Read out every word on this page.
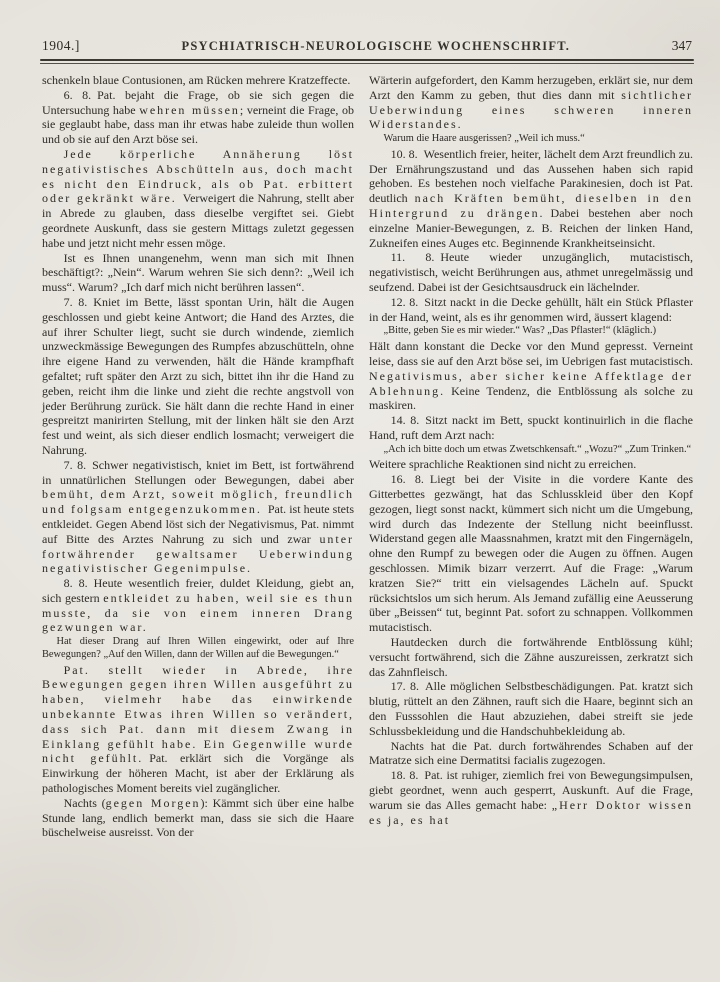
1904.]	PSYCHIATRISCH-NEUROLOGISCHE WOCHENSCHRIFT.	347

schenkeln blaue Contusionen, am Rücken mehrere Kratzeffecte.

6. 8. Pat. bejaht die Frage, ob sie sich gegen die Untersuchung habe wehren müssen; verneint die Frage, ob sie geglaubt habe, dass man ihr etwas habe zuleide thun wollen und ob sie auf den Arzt böse sei.

Jede körperliche Annäherung löst negativistisches Abschütteln aus, doch macht es nicht den Eindruck, als ob Pat. erbittert oder gekränkt wäre. Verweigert die Nahrung, stellt aber in Abrede zu glauben, dass dieselbe vergiftet sei. Giebt geordnete Auskunft, dass sie gestern Mittags zuletzt gegessen habe und jetzt nicht mehr essen möge.

Ist es Ihnen unangenehm, wenn man sich mit Ihnen beschäftigt?: „Nein“. Warum wehren Sie sich denn?: „Weil ich muss“. Warum? „Ich darf mich nicht berühren lassen“.

7. 8. Kniet im Bette, lässt spontan Urin, hält die Augen geschlossen und giebt keine Antwort; die Hand des Arztes, die auf ihrer Schulter liegt, sucht sie durch windende, ziemlich unzweckmässige Bewegungen des Rumpfes abzuschütteln, ohne ihre eigene Hand zu verwenden, hält die Hände krampfhaft gefaltet; ruft später den Arzt zu sich, bittet ihn ihr die Hand zu geben, reicht ihm die linke und zieht die rechte angstvoll von jeder Berührung zurück. Sie hält dann die rechte Hand in einer gespreitzt manirirten Stellung, mit der linken hält sie den Arzt fest und weint, als sich dieser endlich losmacht; verweigert die Nahrung.

7. 8. Schwer negativistisch, kniet im Bett, ist fortwährend in unnatürlichen Stellungen oder Bewegungen, dabei aber bemüht, dem Arzt, soweit möglich, freundlich und folgsam entgegenzukommen. Pat. ist heute stets entkleidet. Gegen Abend löst sich der Negativismus, Pat. nimmt auf Bitte des Arztes Nahrung zu sich und zwar unter fortwährender gewaltsamer Ueberwindung negativistischer Gegenimpulse.

8. 8. Heute wesentlich freier, duldet Kleidung, giebt an, sich gestern entkleidet zu haben, weil sie es thun musste, da sie von einem inneren Drang gezwungen war.

Hat dieser Drang auf Ihren Willen eingewirkt, oder auf Ihre Bewegungen? „Auf den Willen, dann der Willen auf die Bewegungen.“

Pat. stellt wieder in Abrede, ihre Bewegungen gegen ihren Willen ausgeführt zu haben, vielmehr habe das einwirkende unbekannte Etwas ihren Willen so verändert, dass sich Pat. dann mit diesem Zwang in Einklang gefühlt habe. Ein Gegenwille wurde nicht gefühlt. Pat. erklärt sich die Vorgänge als Einwirkung der höheren Macht, ist aber der Erklärung als pathologisches Moment bereits viel zugänglicher.

Nachts (gegen Morgen): Kämmt sich über eine halbe Stunde lang, endlich bemerkt man, dass sie sich die Haare büschelweise ausreisst. Von der

Wärterin aufgefordert, den Kamm herzugeben, erklärt sie, nur dem Arzt den Kamm zu geben, thut dies dann mit sichtlicher Ueberwindung eines schweren inneren Widerstandes.

Warum die Haare ausgerissen? „Weil ich muss.“

10. 8. Wesentlich freier, heiter, lächelt dem Arzt freundlich zu. Der Ernährungszustand und das Aussehen haben sich rapid gehoben. Es bestehen noch vielfache Parakinesien, doch ist Pat. deutlich nach Kräften bemüht, dieselben in den Hintergrund zu drängen. Dabei bestehen aber noch einzelne Manier-Bewegungen, z. B. Reichen der linken Hand, Zukneifen eines Auges etc. Beginnende Krankheitseinsicht.

11. 8. Heute wieder unzugänglich, mutacistisch, negativistisch, weicht Berührungen aus, athmet unregelmässig und seufzend. Dabei ist der Gesichtsausdruck ein lächelnder.

12. 8. Sitzt nackt in die Decke gehüllt, hält ein Stück Pflaster in der Hand, weint, als es ihr genommen wird, äussert klagend:

„Bitte, geben Sie es mir wieder.“ Was? „Das Pflaster!“ (kläglich.)

Hält dann konstant die Decke vor den Mund gepresst. Verneint leise, dass sie auf den Arzt böse sei, im Uebrigen fast mutacistisch. Negativismus, aber sicher keine Affektlage der Ablehnung. Keine Tendenz, die Entblössung als solche zu maskiren.

14. 8. Sitzt nackt im Bett, spuckt kontinuirlich in die flache Hand, ruft dem Arzt nach:

„Ach ich bitte doch um etwas Zwetschkensaft.“ „Wozu?“ „Zum Trinken.“

Weitere sprachliche Reaktionen sind nicht zu erreichen.

16. 8. Liegt bei der Visite in die vordere Kante des Gitterbettes gezwängt, hat das Schlusskleid über den Kopf gezogen, liegt sonst nackt, kümmert sich nicht um die Umgebung, wird durch das Indezente der Stellung nicht beeinflusst. Widerstand gegen alle Maassnahmen, kratzt mit den Fingernägeln, ohne den Rumpf zu bewegen oder die Augen zu öffnen. Augen geschlossen. Mimik bizarr verzerrt. Auf die Frage: „Warum kratzen Sie?“ tritt ein vielsagendes Lächeln auf. Spuckt rücksichtslos um sich herum. Als Jemand zufällig eine Aeusserung über „Beissen“ tut, beginnt Pat. sofort zu schnappen. Vollkommen mutacistisch.

Hautdecken durch die fortwährende Entblössung kühl; versucht fortwährend, sich die Zähne auszureissen, zerkratzt sich das Zahnfleisch.

17. 8. Alle möglichen Selbstbeschädigungen. Pat. kratzt sich blutig, rüttelt an den Zähnen, rauft sich die Haare, beginnt sich an den Fusssohlen die Haut abzuziehen, dabei streift sie jede Schlussbekleidung und die Handschuhbekleidung ab.

Nachts hat die Pat. durch fortwährendes Schaben auf der Matratze sich eine Dermatitsi facialis zugezogen.

18. 8. Pat. ist ruhiger, ziemlich frei von Bewegungsimpulsen, giebt geordnet, wenn auch gesperrt, Auskunft. Auf die Frage, warum sie das Alles gemacht habe: „Herr Doktor wissen es ja, es hat
